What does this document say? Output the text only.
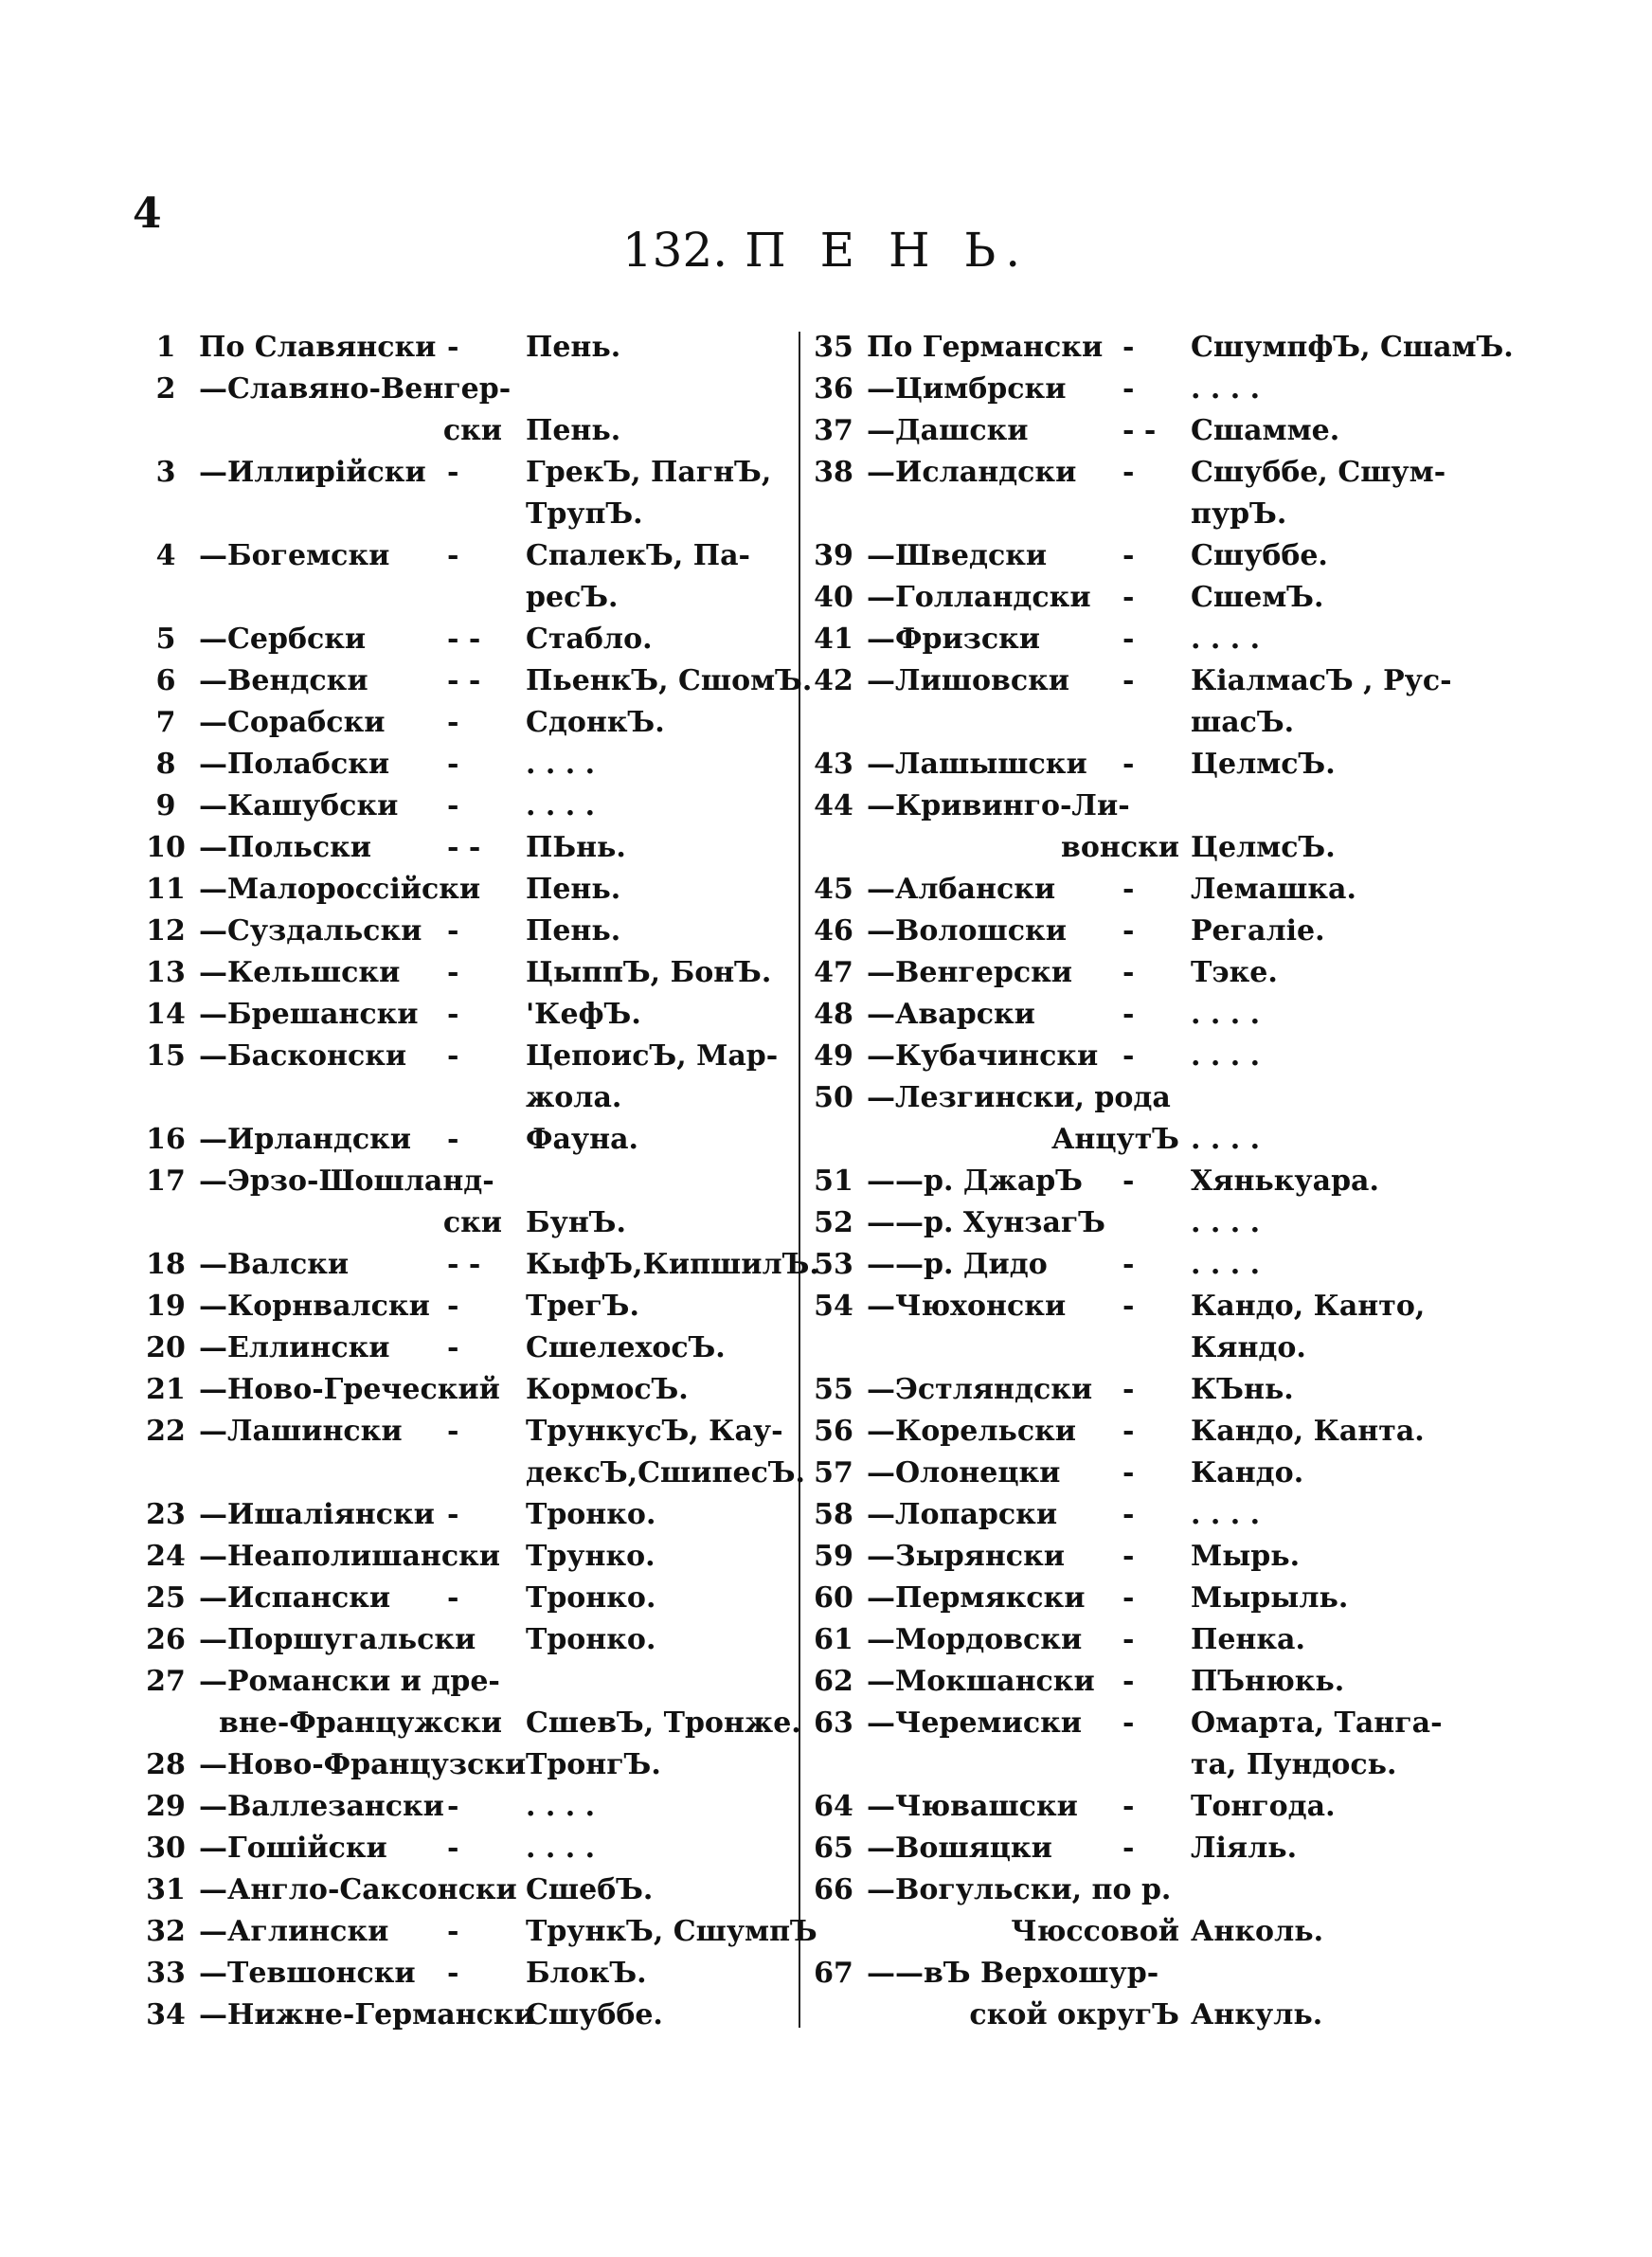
4
132. П Е Н Ь.
1 По Славянски - Пень.
2 —Славяно-Венгер-
ски Пень.
3 —Иллирійски - ГрекЪ, ПагнЪ,
ТрупЪ.
4 —Богемски - СпалекЪ, Па-
ресЪ.
5 —Сербски	- - Стабло.
6 —Вендски	- - ПьенкЪ, СшомЪ.
7 —Сорабски - СдонкЪ.
8 —Полабски - . . . .
9 —Кашубски - . . . .
10 —Польски	- - ПЬнь.
11 —Малороссійски Пень.
12 —Суздальски - Пень.
13 —Кельшски - ЦыппЪ, БонЪ.
14 —Брешански - 'КефЪ.
15 —Басконски - ЦепоисЪ, Мар-
жола.
16 —Ирландски - Фауна.
17 —Эрзо-Шошланд-
ски БунЪ.
18 —Валски	- - КыфЪ,КипшилЪ.
19 —Корнвалски - ТрегЪ.
20 —Еллински - СшелехосЪ.
21 —Ново-Греческий КормосЪ.
22 —Лашински - ТрункусЪ, Кау-
дексЪ,СшипесЪ.
23 —Ишаліянски - Тронко.
24 —Неаполишански Трунко.
25 —Испански - Тронко.
26 —Поршугальски Тронко.
27 —Романски и дре-
вне-Францужски СшевЪ, Тронже.
28 —Ново-Французски ТронгЪ.
29 —Валлезански - . . . .
30 —Гошійски - . . . .
31 —Англо-Саксонски СшебЪ.
32 —Аглински - ТрункЪ, СшумпЪ
33 —Тевшонски - БлокЪ.
34 —Нижне-Германски
Сшуббе.
35 По Германски - СшумпфЪ, СшамЪ.
36 —Цимбрски - . . . .
37 —Дашски	- - Сшамме.
38 —Исландски - Сшуббе, Сшум-
пурЪ.
39 —Шведски	- Сшуббе.
40 —Голландски - СшемЪ.
41 —Фризски	- . . . .
42 —Лишовски - КіалмасЪ , Рус-
шасЪ.
43 —Лашышски - ЦелмсЪ.
44 —Кривинго-Ли-
вонски ЦелмсЪ.
45 —Албански - Лемашка.
46 —Волошски - Регаліе.
47 —Венгерски - Тэке.
48 —Аварски	- . . . .
49 —Кубачински - . . . .
50 —Лезгински, рода
АнцутЪ . . . .
51 ——р. ДжарЪ - Хянькуара.
52 ——р. ХунзагЪ	. . . .
53 ——р. Дидо	- . . . .
54 —Чюхонски - Кандо, Канто,
Кяндо.
55 —Эстляндски - КЪнь.
56 —Корельски - Кандо, Канта.
57 —Олонецки - Кандо.
58 —Лопарски - . . . .
59 —Зырянски - Мырь.
60 —Пермякски - Мырыль.
61 —Мордовски - Пенка.
62 —Мокшански - ПЪнюкь.
63 —Черемиски - Омарта, Танга-
та, Пундось.
64 —Чювашски - Тонгода.
65 —Вошяцки - Ліяль.
66 —Вогульски, по р.
Чюссовой Анколь.
67 ——вЪ Верхошур-
ской округЪ Анкуль.
